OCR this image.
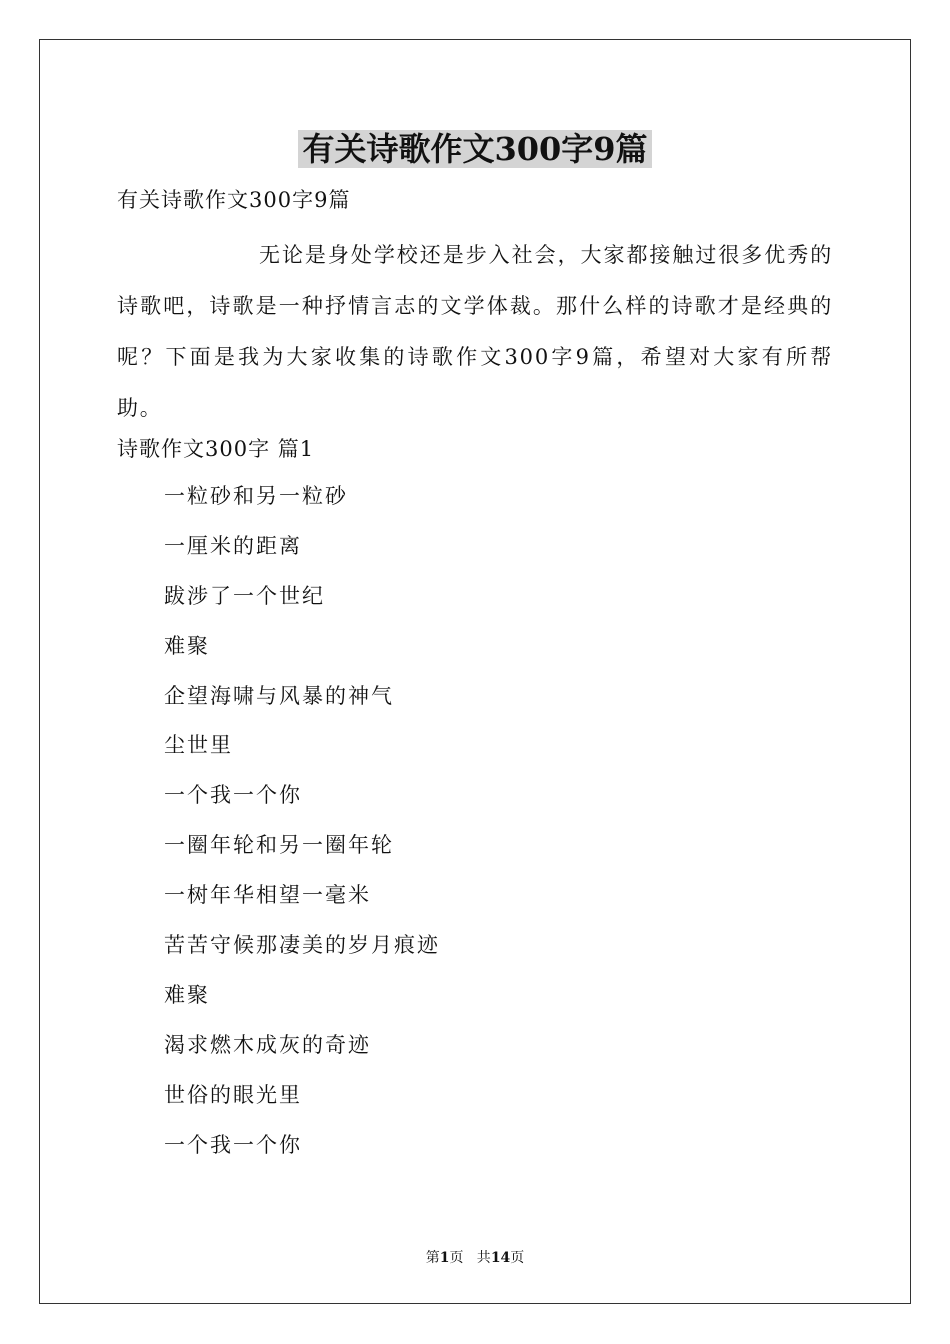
有关诗歌作文300字9篇
有关诗歌作文300字9篇
无论是身处学校还是步入社会，大家都接触过很多优秀的诗歌吧，诗歌是一种抒情言志的文学体裁。那什么样的诗歌才是经典的呢？下面是我为大家收集的诗歌作文300字9篇，希望对大家有所帮助。
诗歌作文300字 篇1
一粒砂和另一粒砂
一厘米的距离
跋涉了一个世纪
难聚
企望海啸与风暴的神气
尘世里
一个我一个你
一圈年轮和另一圈年轮
一树年华相望一毫米
苦苦守候那凄美的岁月痕迹
难聚
渴求燃木成灰的奇迹
世俗的眼光里
一个我一个你
第1页   共14页
